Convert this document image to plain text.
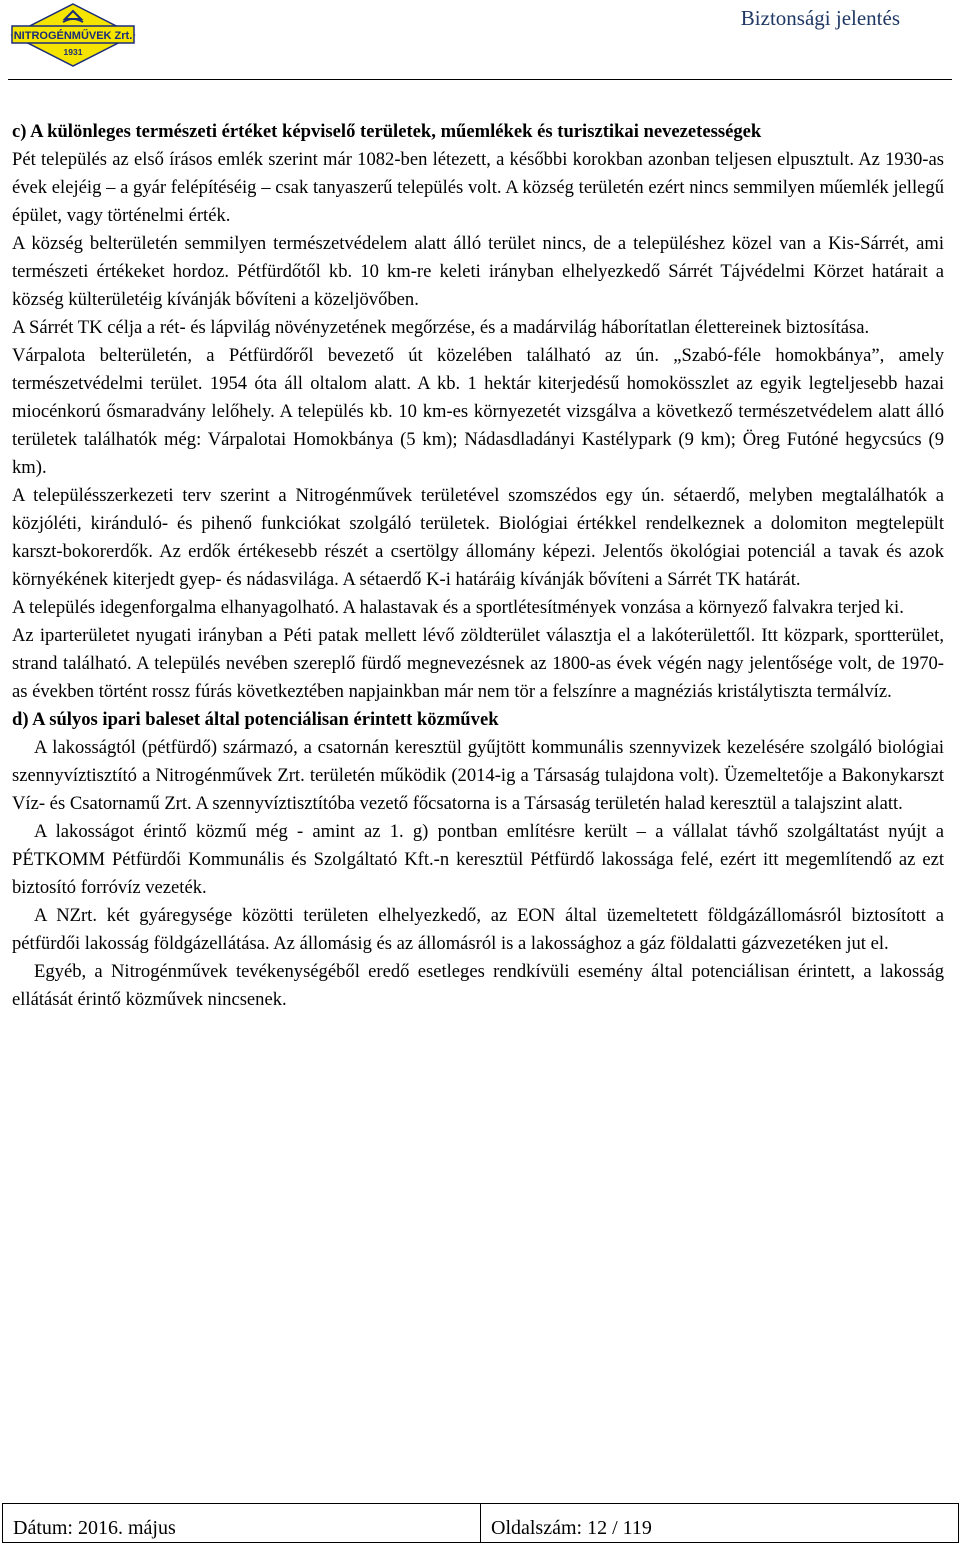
NITROGÉNMŰVEK Zrt.
1931
Biztonsági jelentés

c) A különleges természeti értéket képviselő területek, műemlékek és turisztikai nevezetességek

Pét település az első írásos emlék szerint már 1082-ben létezett, a későbbi korokban azonban teljesen elpusztult. Az 1930-as évek elejéig – a gyár felépítéséig – csak tanyaszerű település volt. A község területén ezért nincs semmilyen műemlék jellegű épület, vagy történelmi érték.

A község belterületén semmilyen természetvédelem alatt álló terület nincs, de a településhez közel van a Kis-Sárrét, ami természeti értékeket hordoz. Pétfürdőtől kb. 10 km-re keleti irányban elhelyezkedő Sárrét Tájvédelmi Körzet határait a község külterületéig kívánják bővíteni a közeljövőben.

A Sárrét TK célja a rét- és lápvilág növényzetének megőrzése, és a madárvilág háborítatlan élettereinek biztosítása.

Várpalota belterületén, a Pétfürdőről bevezető út közelében található az ún. „Szabó-féle homokbánya”, amely természetvédelmi terület. 1954 óta áll oltalom alatt. A kb. 1 hektár kiterjedésű homokösszlet az egyik legteljesebb hazai miocénkorú ősmaradvány lelőhely. A település kb. 10 km-es környezetét vizsgálva a következő természetvédelem alatt álló területek találhatók még: Várpalotai Homokbánya (5 km); Nádasdladányi Kastélypark (9 km); Öreg Futóné hegycsúcs (9 km).

A településszerkezeti terv szerint a Nitrogénművek területével szomszédos egy ún. sétaerdő, melyben megtalálhatók a közjóléti, kiránduló- és pihenő funkciókat szolgáló területek. Biológiai értékkel rendelkeznek a dolomiton megtelepült karszt-bokorerdők. Az erdők értékesebb részét a csertölgy állomány képezi. Jelentős ökológiai potenciál a tavak és azok környékének kiterjedt gyep- és nádasvilága. A sétaerdő K-i határáig kívánják bővíteni a Sárrét TK határát.

A település idegenforgalma elhanyagolható. A halastavak és a sportlétesítmények vonzása a környező falvakra terjed ki.

Az iparterületet nyugati irányban a Péti patak mellett lévő zöldterület választja el a lakóterülettől. Itt közpark, sportterület, strand található. A település nevében szereplő fürdő megnevezésnek az 1800-as évek végén nagy jelentősége volt, de 1970-as években történt rossz fúrás következtében napjainkban már nem tör a felszínre a magnéziás kristálytiszta termálvíz.

d) A súlyos ipari baleset által potenciálisan érintett közművek

A lakosságtól (pétfürdő) származó, a csatornán keresztül gyűjtött kommunális szennyvizek kezelésére szolgáló biológiai szennyvíztisztító a Nitrogénművek Zrt. területén működik (2014-ig a Társaság tulajdona volt). Üzemeltetője a Bakonykarszt Víz- és Csatornamű Zrt. A szennyvíztisztítóba vezető főcsatorna is a Társaság területén halad keresztül a talajszint alatt.

A lakosságot érintő közmű még - amint az 1. g) pontban említésre került – a vállalat távhő szolgáltatást nyújt a PÉTKOMM Pétfürdői Kommunális és Szolgáltató Kft.-n keresztül Pétfürdő lakossága felé, ezért itt megemlítendő az ezt biztosító forróvíz vezeték.

A NZrt. két gyáregysége közötti területen elhelyezkedő, az EON által üzemeltetett földgázállomásról biztosított a pétfürdői lakosság földgázellátása. Az állomásig és az állomásról is a lakossághoz a gáz földalatti gázvezetéken jut el.

Egyéb, a Nitrogénművek tevékenységéből eredő esetleges rendkívüli esemény által potenciálisan érintett, a lakosság ellátását érintő közművek nincsenek.

Dátum: 2016. május	Oldalszám: 12 / 119
